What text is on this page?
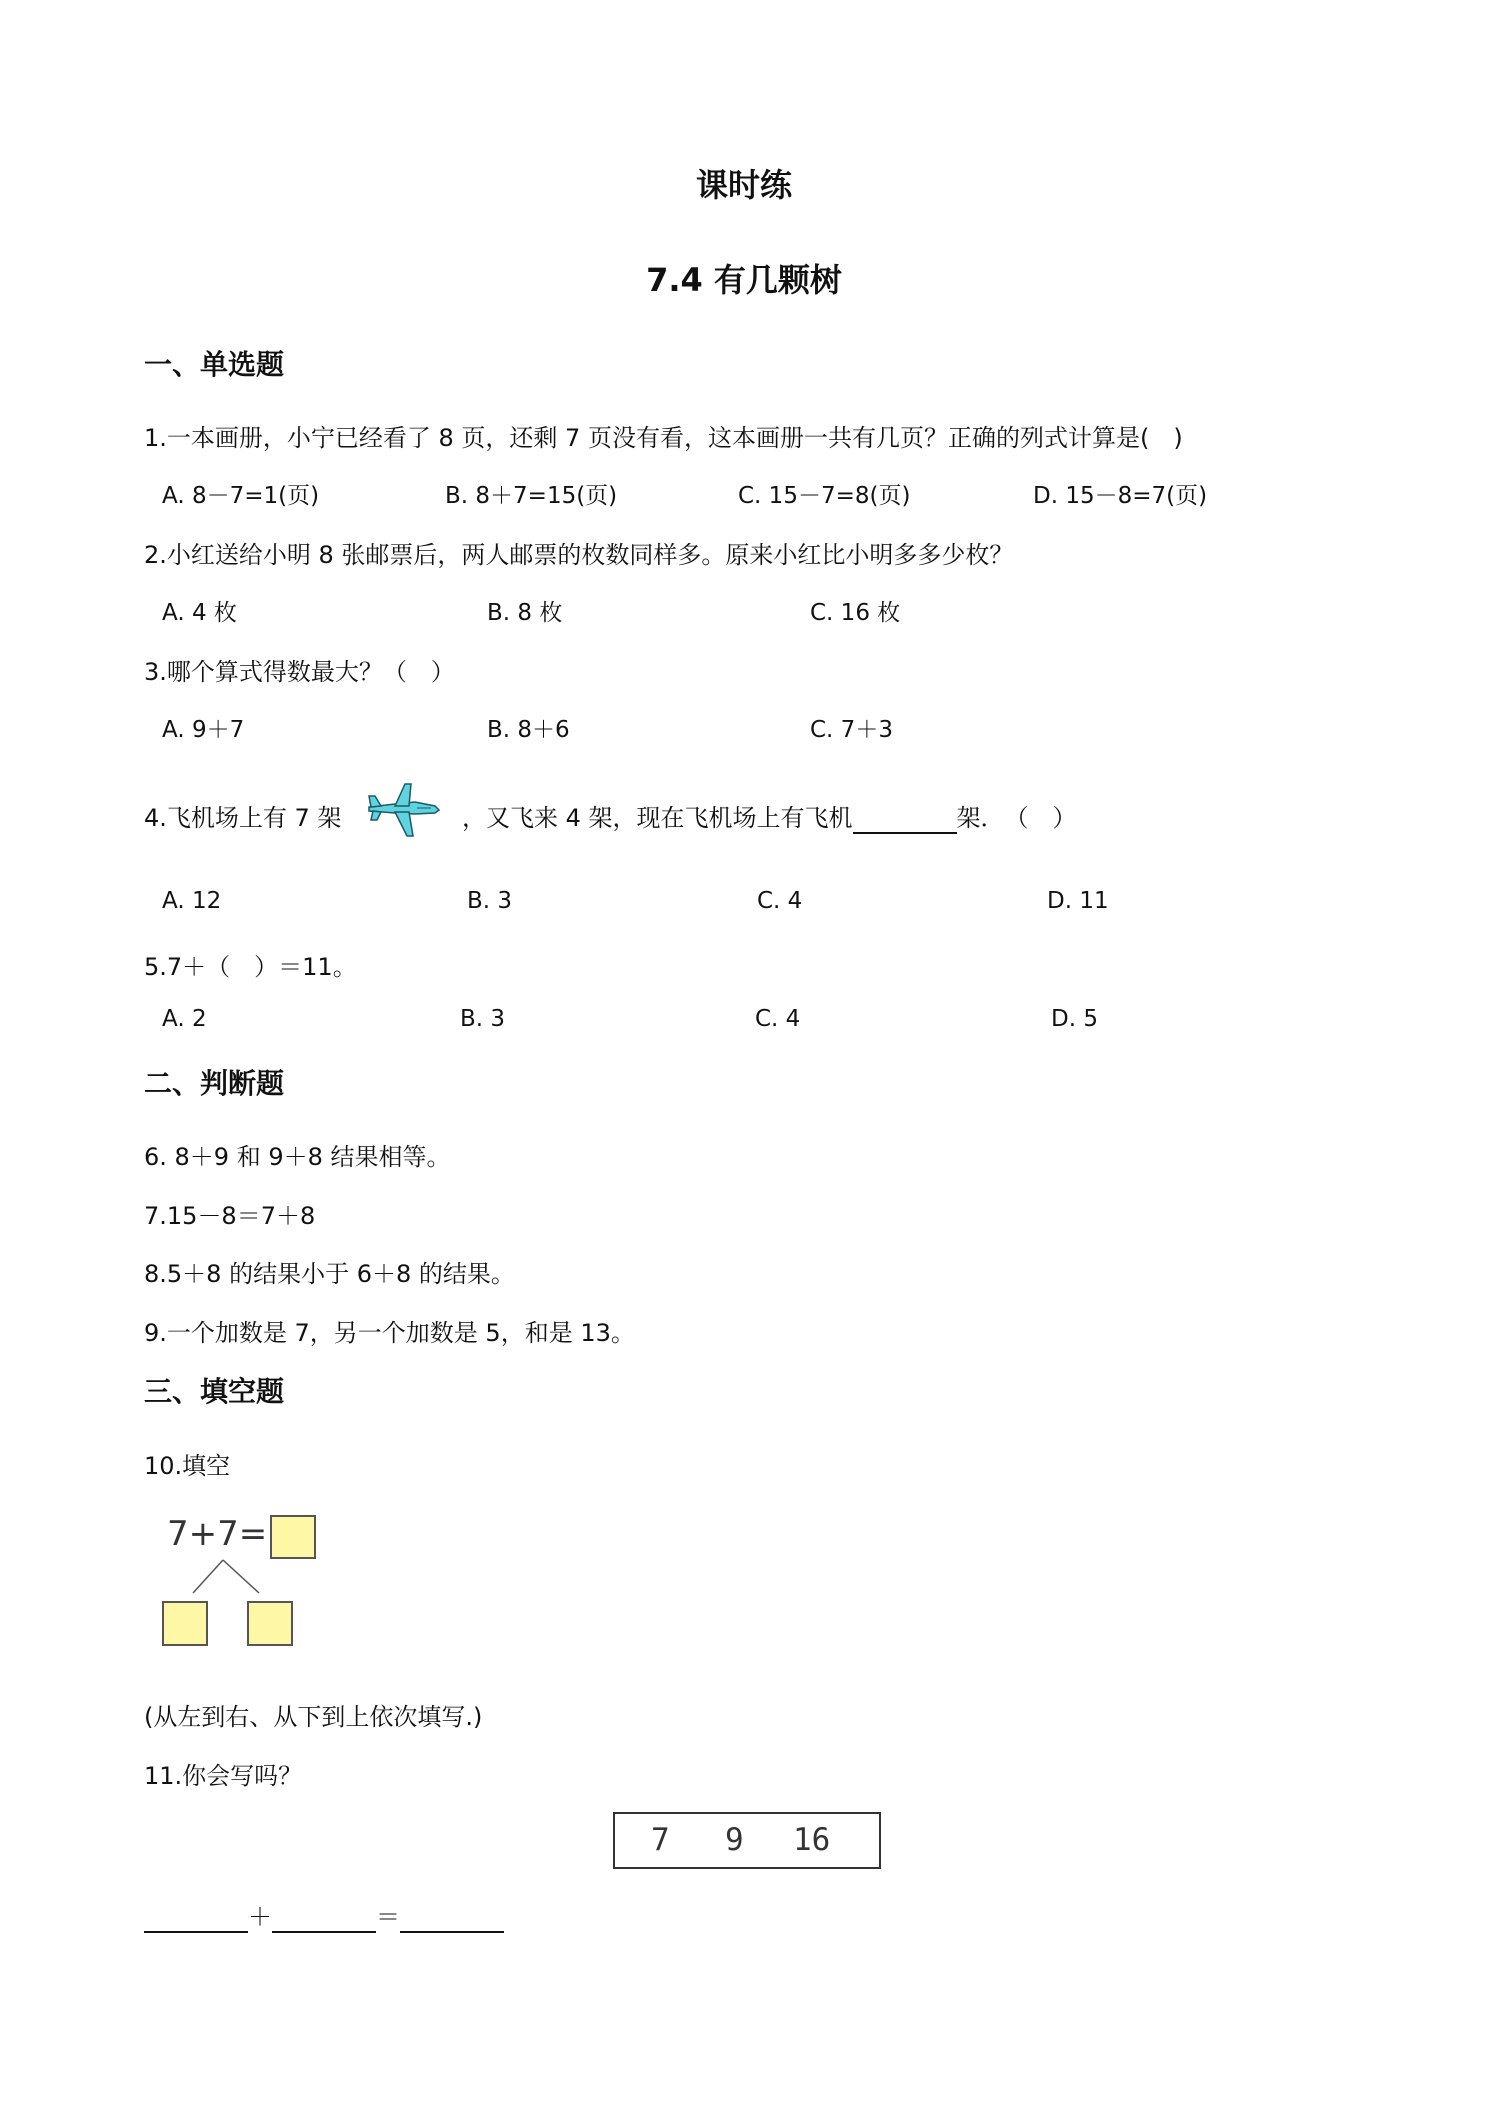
课时练
7.4 有几颗树
一、单选题
1.一本画册，小宁已经看了 8 页，还剩 7 页没有看，这本画册一共有几页？正确的列式计算是(　)
A. 8－7=1(页)	B. 8＋7=15(页)	C. 15－7=8(页)	D. 15－8=7(页)
2.小红送给小明 8 张邮票后，两人邮票的枚数同样多。原来小红比小明多多少枚？
A. 4 枚	B. 8 枚	C. 16 枚
3.哪个算式得数最大？（　）
A. 9＋7	B. 8＋6	C. 7＋3
4.飞机场上有 7 架	，又飞来 4 架，现在飞机场上有飞机	架．　（　）
A. 12	B. 3	C. 4	D. 11
5.7＋（　）＝11。
A. 2	B. 3	C. 4	D. 5
二、判断题
6. 8＋9 和 9＋8 结果相等。
7.15－8＝7＋8
8.5＋8 的结果小于 6＋8 的结果。
9.一个加数是 7，另一个加数是 5，和是 13。
三、填空题
10.填空
7+7=
(从左到右、从下到上依次填写.)
11.你会写吗？
7 9 16
＋	＝
